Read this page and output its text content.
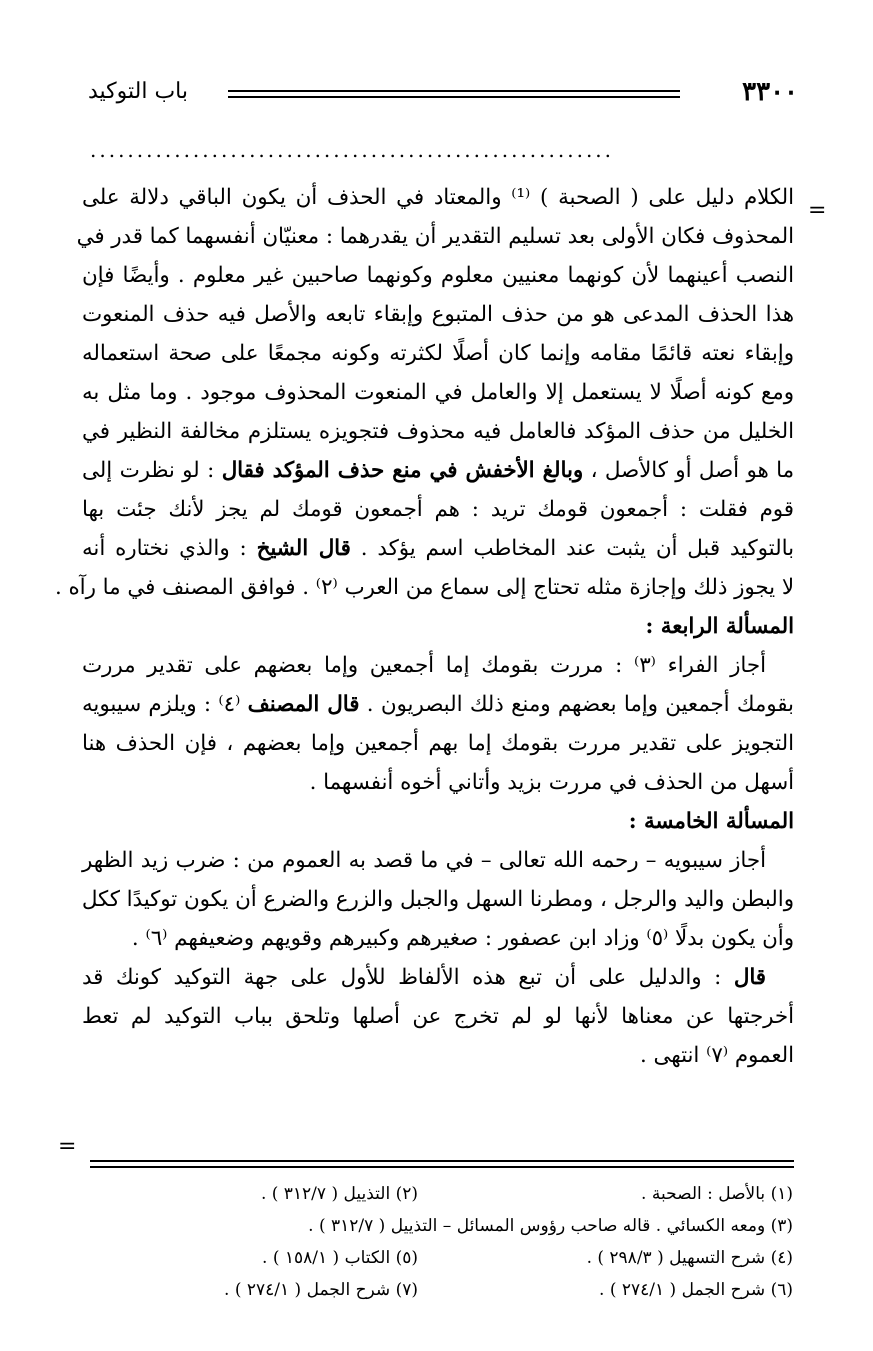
٣٣٠٠
باب التوكيد
........................................................
=
=
الكلام دليل على ( الصحبة ) ⁽¹⁾ والمعتاد في الحذف أن يكون الباقي دلالة على
المحذوف فكان الأولى بعد تسليم التقدير أن يقدرهما : معنيّان أنفسهما كما قدر في
النصب أعينهما لأن كونهما معنيين معلوم وكونهما صاحبين غير معلوم . وأيضًا فإن
هذا الحذف المدعى هو من حذف المتبوع وإبقاء تابعه والأصل فيه حذف المنعوت
وإبقاء نعته قائمًا مقامه وإنما كان أصلًا لكثرته وكونه مجمعًا على صحة استعماله
ومع كونه أصلًا لا يستعمل إلا والعامل في المنعوت المحذوف موجود . وما مثل به
الخليل من حذف المؤكد فالعامل فيه محذوف فتجويزه يستلزم مخالفة النظير في
ما هو أصل أو كالأصل ، وبالغ الأخفش في منع حذف المؤكد فقال : لو نظرت إلى
قوم فقلت : أجمعون قومك تريد : هم أجمعون قومك لم يجز لأنك جئت بها
بالتوكيد قبل أن يثبت عند المخاطب اسم يؤكد . قال الشيخ : والذي نختاره أنه
لا يجوز ذلك وإجازة مثله تحتاج إلى سماع من العرب ⁽٢⁾ . فوافق المصنف في ما رآه .
المسألة الرابعة :
أجاز الفراء ⁽٣⁾ : مررت بقومك إما أجمعين وإما بعضهم على تقدير مررت
بقومك أجمعين وإما بعضهم ومنع ذلك البصريون . قال المصنف ⁽٤⁾ : ويلزم سيبويه
التجويز على تقدير مررت بقومك إما بهم أجمعين وإما بعضهم ، فإن الحذف هنا
أسهل من الحذف في مررت بزيد وأتاني أخوه أنفسهما .
المسألة الخامسة :
أجاز سيبويه – رحمه الله تعالى – في ما قصد به العموم من : ضرب زيد الظهر
والبطن واليد والرجل ، ومطرنا السهل والجبل والزرع والضرع أن يكون توكيدًا ككل
وأن يكون بدلًا ⁽٥⁾ وزاد ابن عصفور : صغيرهم وكبيرهم وقويهم وضعيفهم ⁽٦⁾ .
قال : والدليل على أن تبع هذه الألفاظ للأول على جهة التوكيد كونك قد
أخرجتها عن معناها لأنها لو لم تخرج عن أصلها وتلحق بباب التوكيد لم تعط
العموم ⁽٧⁾ انتهى .
(١) بالأصل : الصحبة .
(٢) التذييل ( ٣١٢/٧ ) .
(٣) ومعه الكسائي . قاله صاحب رؤوس المسائل – التذييل ( ٣١٢/٧ ) .
(٤) شرح التسهيل ( ٢٩٨/٣ ) .
(٥) الكتاب ( ١٥٨/١ ) .
(٦) شرح الجمل ( ٢٧٤/١ ) .
(٧) شرح الجمل ( ٢٧٤/١ ) .
